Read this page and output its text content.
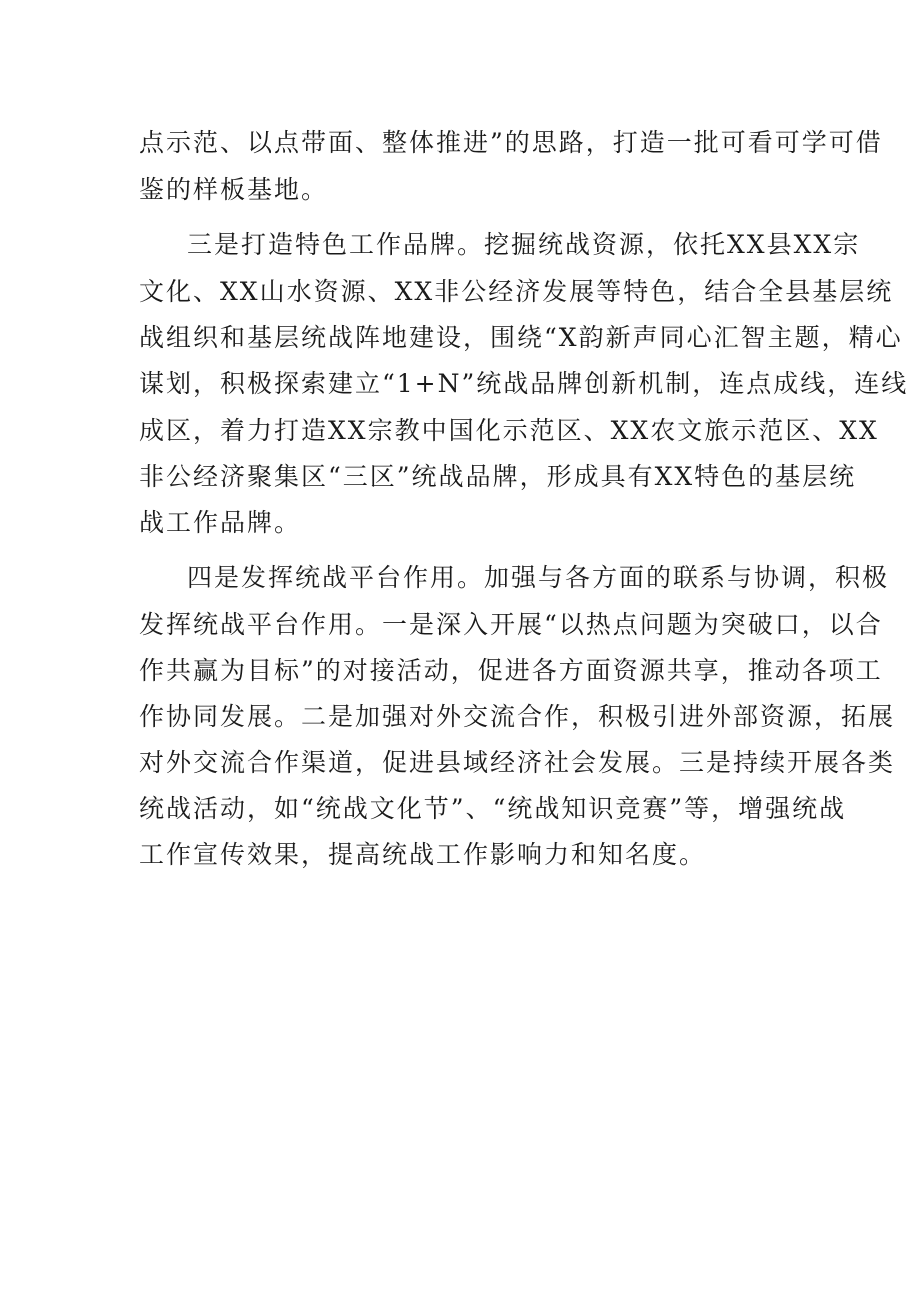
点示范、以点带面、整体推进”的思路，打造一批可看可学可借
鉴的样板基地。
三是打造特色工作品牌。挖掘统战资源，依托XX县XX宗
文化、XX山水资源、XX非公经济发展等特色，结合全县基层统
战组织和基层统战阵地建设，围绕“X韵新声同心汇智主题，精心
谋划，积极探索建立“1+N”统战品牌创新机制，连点成线，连线
成区，着力打造XX宗教中国化示范区、XX农文旅示范区、XX
非公经济聚集区“三区”统战品牌，形成具有XX特色的基层统
战工作品牌。
四是发挥统战平台作用。加强与各方面的联系与协调，积极
发挥统战平台作用。一是深入开展“以热点问题为突破口，以合
作共赢为目标”的对接活动，促进各方面资源共享，推动各项工
作协同发展。二是加强对外交流合作，积极引进外部资源，拓展
对外交流合作渠道，促进县域经济社会发展。三是持续开展各类
统战活动，如“统战文化节”、“统战知识竞赛”等，增强统战
工作宣传效果，提高统战工作影响力和知名度。
